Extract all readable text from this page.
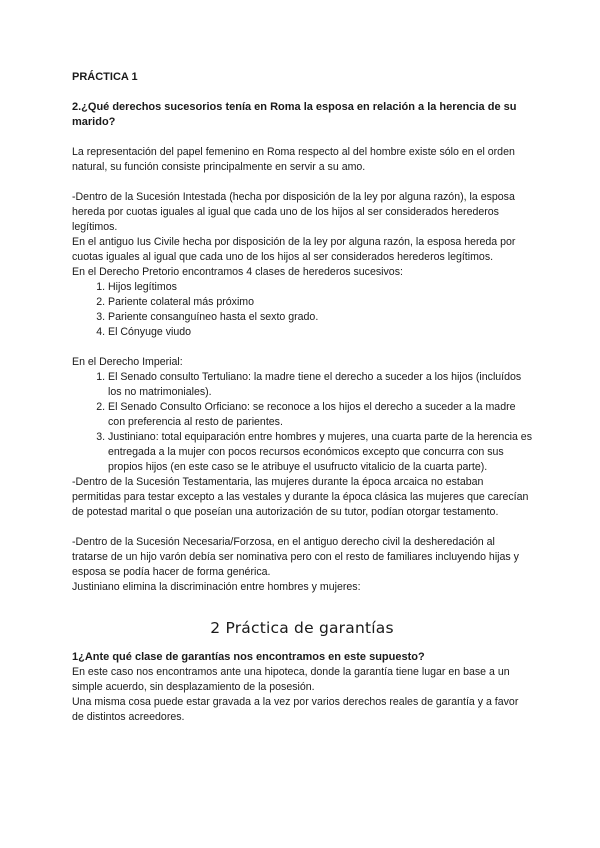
PRÁCTICA 1
2.¿Qué derechos sucesorios tenía en Roma la esposa en relación a la herencia de su marido?

La representación del papel femenino en Roma respecto al del hombre existe sólo en el orden natural, su función consiste principalmente en servir a su amo.

-Dentro de la Sucesión Intestada (hecha por disposición de la ley por alguna razón), la esposa hereda por cuotas iguales al igual que cada uno de los hijos al ser considerados herederos legítimos.

En el antiguo Ius Civile hecha por disposición de la ley por alguna razón, la esposa hereda por cuotas iguales al igual que cada uno de los hijos al ser considerados herederos legítimos.

En el Derecho Pretorio encontramos 4 clases de herederos sucesivos:

1. Hijos legítimos
2. Pariente colateral más próximo
3. Pariente consanguíneo hasta el sexto grado.
4. El Cónyuge viudo

En el Derecho Imperial:

1. El Senado consulto Tertuliano: la madre tiene el derecho a suceder a los hijos (incluídos los no matrimoniales).
2. El Senado Consulto Orficiano: se reconoce a los hijos el derecho a suceder a la madre con preferencia al resto de parientes.
3. Justiniano: total equiparación entre hombres y mujeres, una cuarta parte de la herencia es entregada a la mujer con pocos recursos económicos excepto que concurra con sus propios hijos (en este caso se le atribuye el usufructo vitalicio de la cuarta parte).

-Dentro de la Sucesión Testamentaria, las mujeres durante la época arcaica no estaban permitidas para testar excepto a las vestales y durante la época clásica las mujeres que carecían de potestad marital o que poseían una autorización de su tutor, podían otorgar testamento.

-Dentro de la Sucesión Necesaria/Forzosa, en el antiguo derecho civil la desheredación al tratarse de un hijo varón debía ser nominativa pero con el resto de familiares incluyendo hijas y esposa se podía hacer de forma genérica.

Justiniano elimina la discriminación entre hombres y mujeres:

2 Práctica de garantías
1¿Ante qué clase de garantías nos encontramos en este supuesto?

En este caso nos encontramos ante una hipoteca, donde la garantía tiene lugar en base a un simple acuerdo, sin desplazamiento de la posesión.

Una misma cosa puede estar gravada a la vez por varios derechos reales de garantía y a favor de distintos acreedores.
